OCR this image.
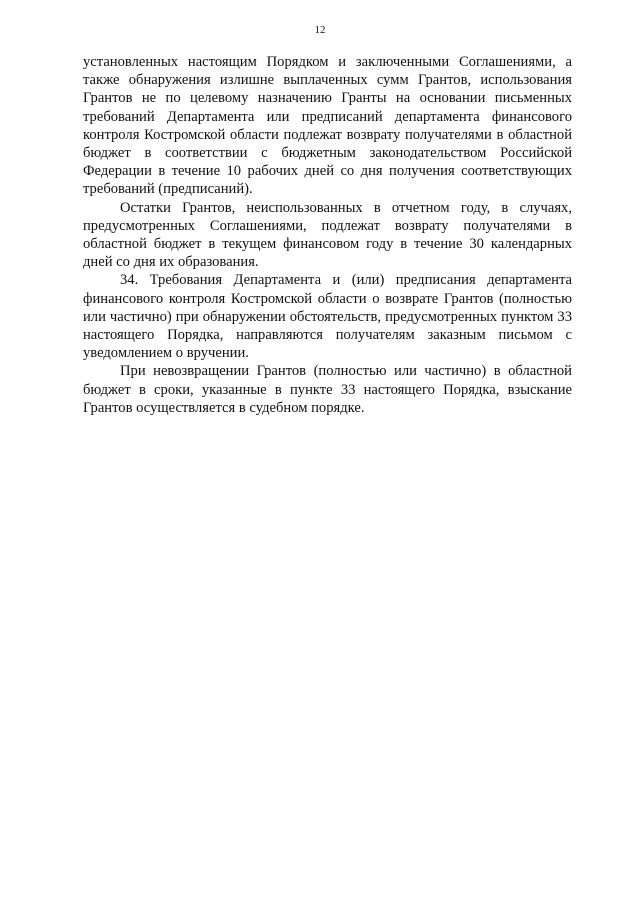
12

установленных настоящим Порядком и заключенными Соглашениями, а также обнаружения излишне выплаченных сумм Грантов, использования Грантов не по целевому назначению Гранты на основании письменных требований Департамента или предписаний департамента финансового контроля Костромской области подлежат возврату получателями в областной бюджет в соответствии с бюджетным законодательством Российской Федерации в течение 10 рабочих дней со дня получения соответствующих требований (предписаний).

Остатки Грантов, неиспользованных в отчетном году, в случаях, предусмотренных Соглашениями, подлежат возврату получателями в областной бюджет в текущем финансовом году в течение 30 календарных дней со дня их образования.

34. Требования Департамента и (или) предписания департамента финансового контроля Костромской области о возврате Грантов (полностью или частично) при обнаружении обстоятельств, предусмотренных пунктом 33 настоящего Порядка, направляются получателям заказным письмом с уведомлением о вручении.

При невозвращении Грантов (полностью или частично) в областной бюджет в сроки, указанные в пункте 33 настоящего Порядка, взыскание Грантов осуществляется в судебном порядке.
